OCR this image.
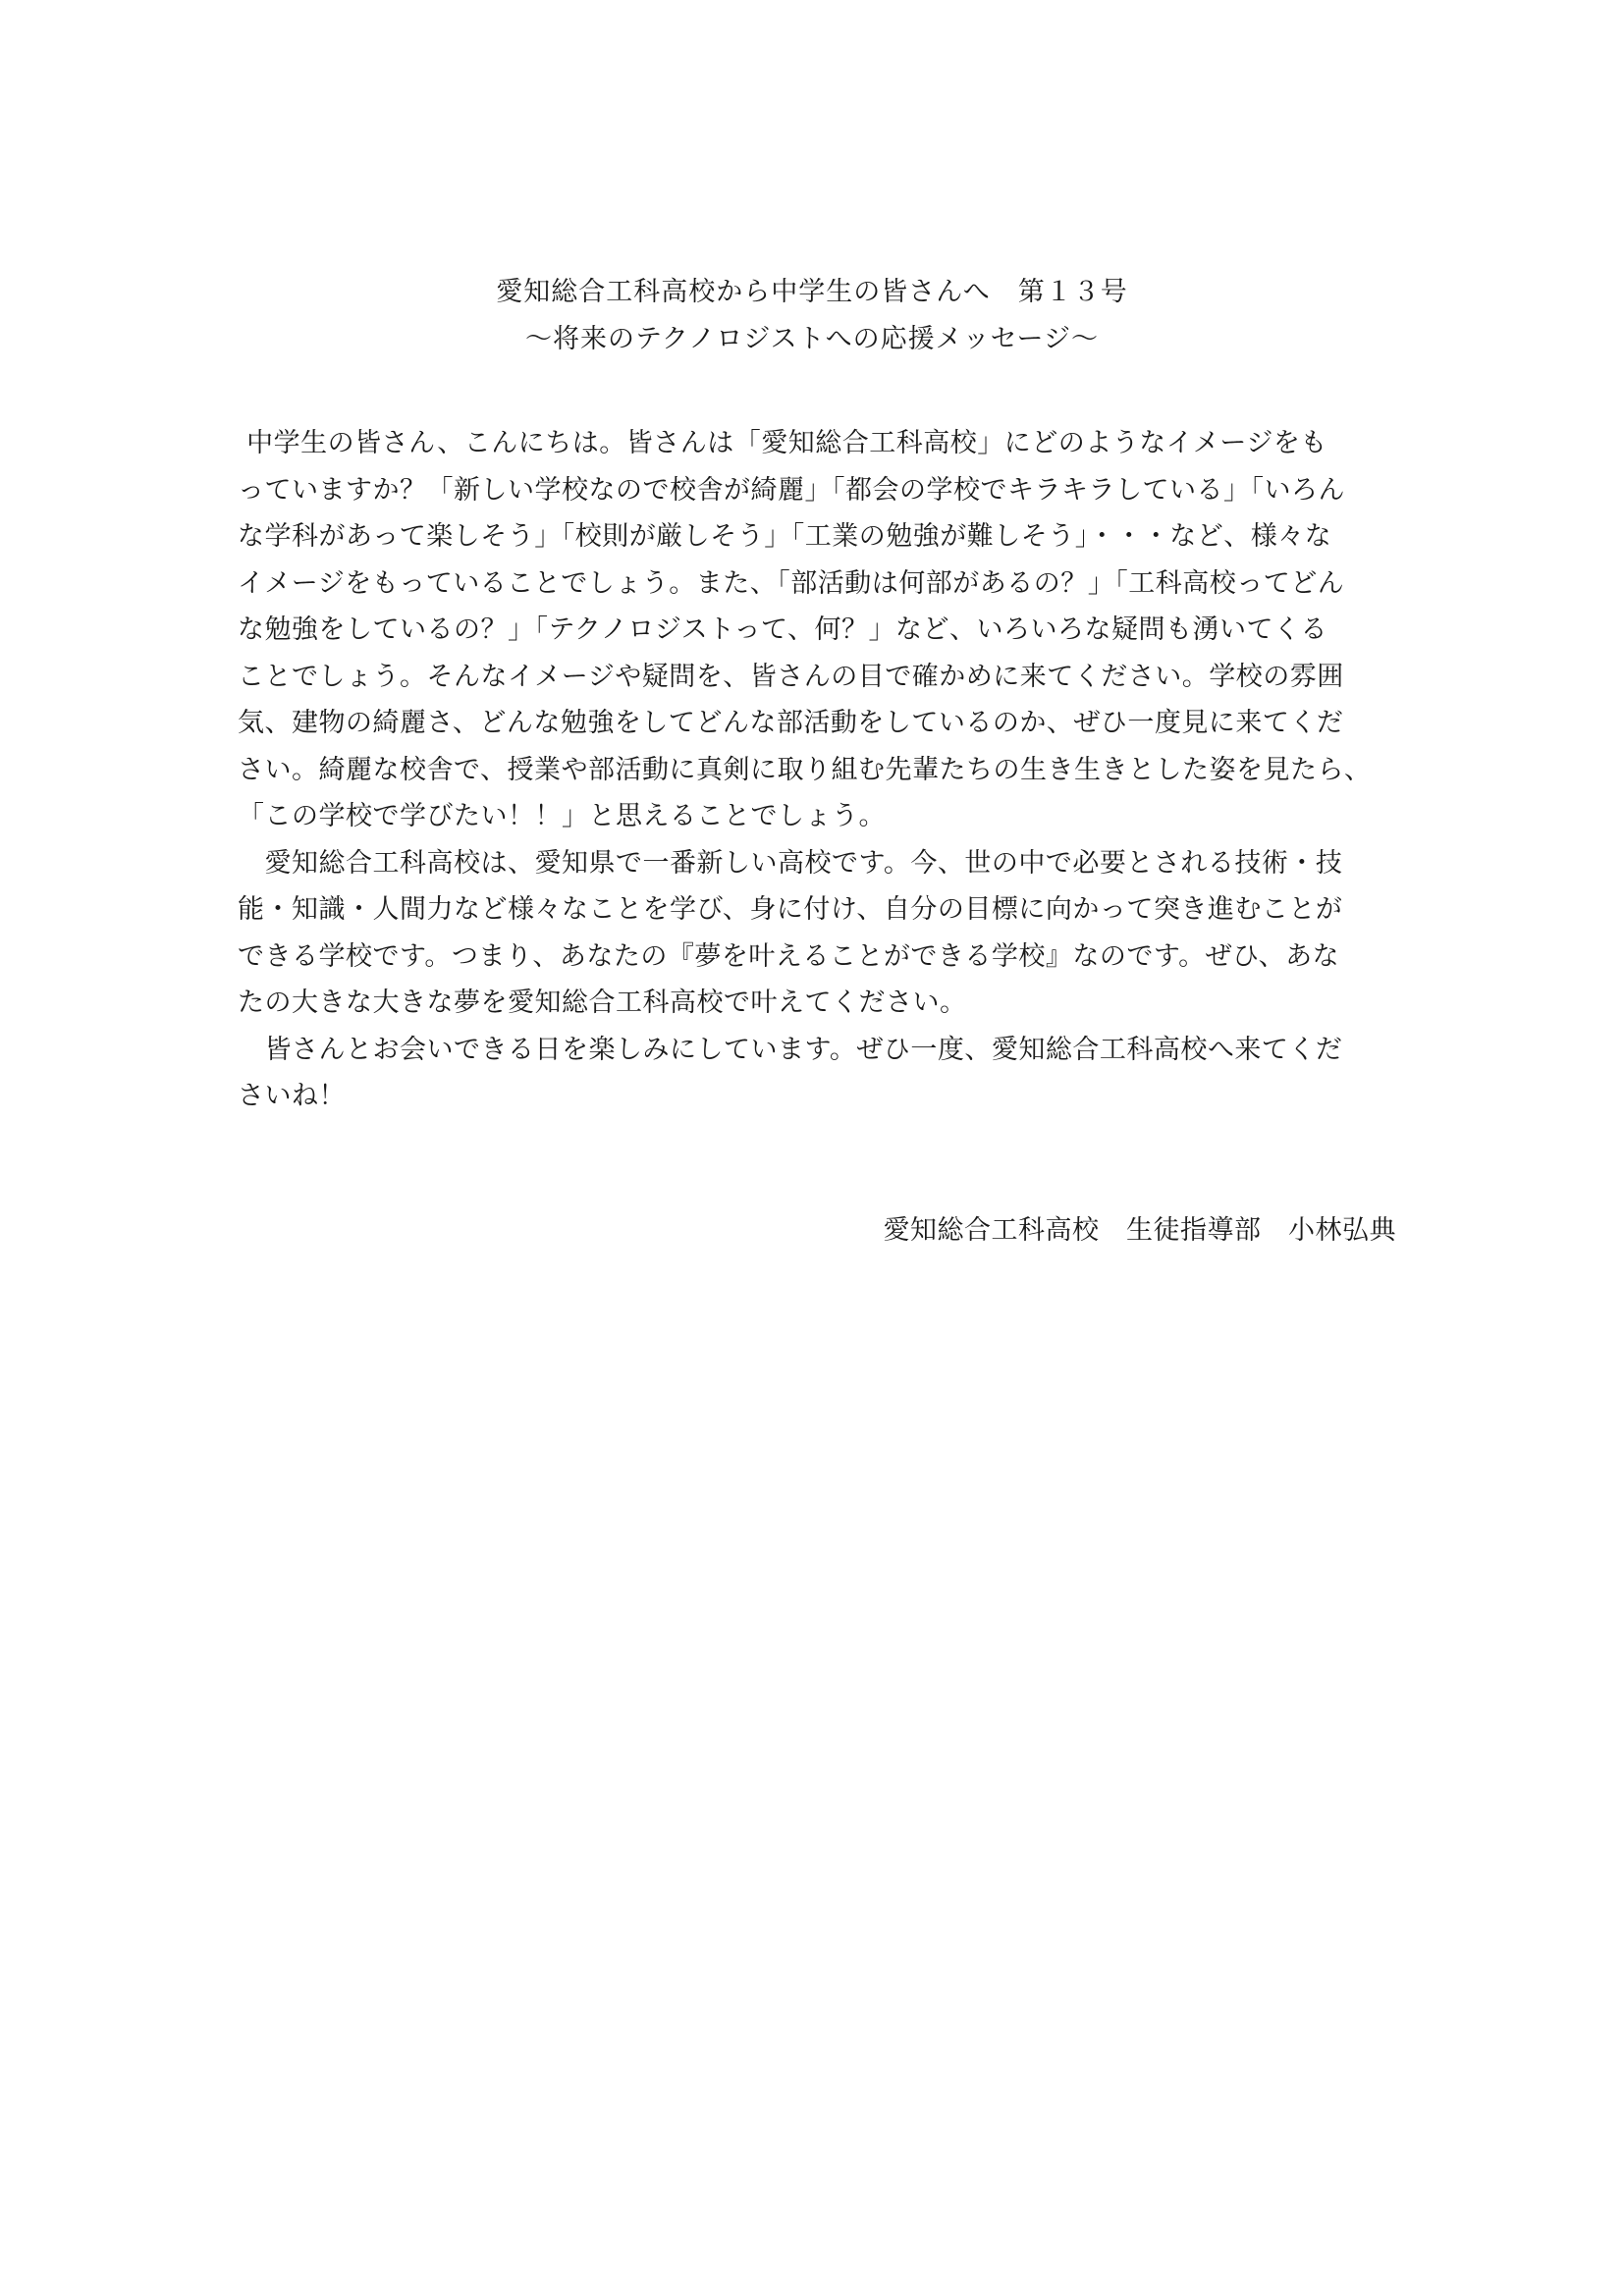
愛知総合工科高校から中学生の皆さんへ　第１３号
〜将来のテクノロジストへの応援メッセージ〜
中学生の皆さん、こんにちは。皆さんは「愛知総合工科高校」にどのようなイメージをも
っていますか？「新しい学校なので校舎が綺麗」「都会の学校でキラキラしている」「いろん
な学科があって楽しそう」「校則が厳しそう」「工業の勉強が難しそう」・・・など、様々な
イメージをもっていることでしょう。また、「部活動は何部があるの？」「工科高校ってどん
な勉強をしているの？」「テクノロジストって、何？」など、いろいろな疑問も湧いてくる
ことでしょう。そんなイメージや疑問を、皆さんの目で確かめに来てください。学校の雰囲
気、建物の綺麗さ、どんな勉強をしてどんな部活動をしているのか、ぜひ一度見に来てくだ
さい。綺麗な校舎で、授業や部活動に真剣に取り組む先輩たちの生き生きとした姿を見たら、
「この学校で学びたい！！」と思えることでしょう。
　愛知総合工科高校は、愛知県で一番新しい高校です。今、世の中で必要とされる技術・技
能・知識・人間力など様々なことを学び、身に付け、自分の目標に向かって突き進むことが
できる学校です。つまり、あなたの『夢を叶えることができる学校』なのです。ぜひ、あな
たの大きな大きな夢を愛知総合工科高校で叶えてください。
　皆さんとお会いできる日を楽しみにしています。ぜひ一度、愛知総合工科高校へ来てくだ
さいね！
愛知総合工科高校　生徒指導部　小林弘典
